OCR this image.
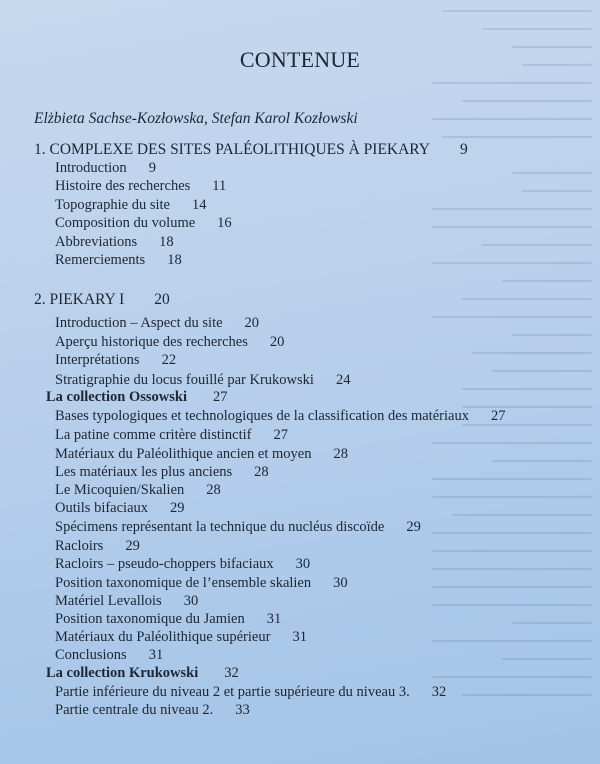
CONTENUE
Elżbieta Sachse-Kozłowska, Stefan Karol Kozłowski
1. COMPLEXE DES SITES PALÉOLITHIQUES À PIEKARY 9
Introduction 9
Histoire des recherches 11
Topographie du site 14
Composition du volume 16
Abbreviations 18
Remerciements 18
2. PIEKARY I 20
Introduction – Aspect du site 20
Aperçu historique des recherches 20
Interprétations 22
Stratigraphie du locus fouillé par Krukowski 24
La collection Ossowski 27
Bases typologiques et technologiques de la classification des matériaux 27
La patine comme critère distinctif 27
Matériaux du Paléolithique ancien et moyen 28
Les matériaux les plus anciens 28
Le Micoquien/Skalien 28
Outils bifaciaux 29
Spécimens représentant la technique du nucléus discoïde 29
Racloirs 29
Racloirs – pseudo-choppers bifaciaux 30
Position taxonomique de l’ensemble skalien 30
Matériel Levallois 30
Position taxonomique du Jamien 31
Matériaux du Paléolithique supérieur 31
Conclusions 31
La collection Krukowski 32
Partie inférieure du niveau 2 et partie supérieure du niveau 3. 32
Partie centrale du niveau 2. 33
